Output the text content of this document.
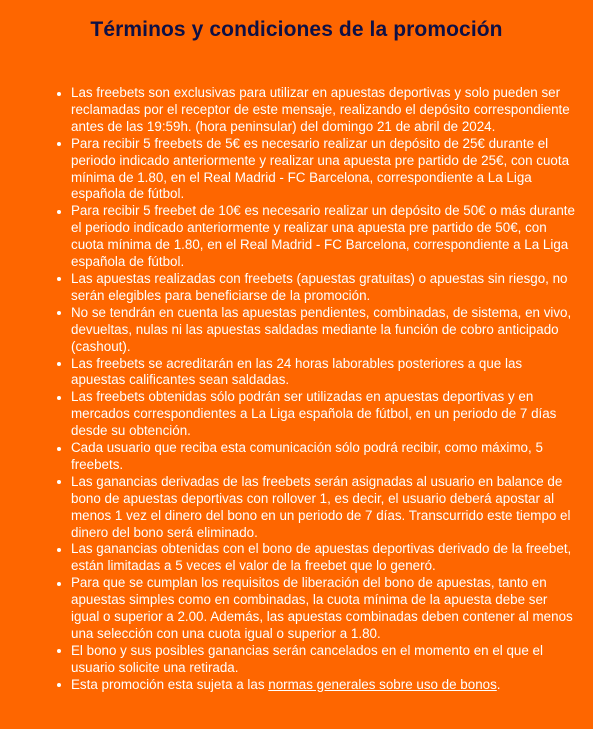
Términos y condiciones de la promoción
Las freebets son exclusivas para utilizar en apuestas deportivas y solo pueden ser reclamadas por el receptor de este mensaje, realizando el depósito correspondiente antes de las 19:59h. (hora peninsular) del domingo 21 de abril de 2024.
Para recibir 5 freebets de 5€ es necesario realizar un depósito de 25€ durante el periodo indicado anteriormente y realizar una apuesta pre partido de 25€, con cuota mínima de 1.80, en el Real Madrid - FC Barcelona, correspondiente a La Liga española de fútbol.
Para recibir 5 freebet de 10€ es necesario realizar un depósito de 50€ o más durante el periodo indicado anteriormente y realizar una apuesta pre partido de 50€, con cuota mínima de 1.80, en el Real Madrid - FC Barcelona, correspondiente a La Liga española de fútbol.
Las apuestas realizadas con freebets (apuestas gratuitas) o apuestas sin riesgo, no serán elegibles para beneficiarse de la promoción.
No se tendrán en cuenta las apuestas pendientes, combinadas, de sistema, en vivo, devueltas, nulas ni las apuestas saldadas mediante la función de cobro anticipado (cashout).
Las freebets se acreditarán en las 24 horas laborables posteriores a que las apuestas calificantes sean saldadas.
Las freebets obtenidas sólo podrán ser utilizadas en apuestas deportivas y en mercados correspondientes a La Liga española de fútbol, en un periodo de 7 días desde su obtención.
Cada usuario que reciba esta comunicación sólo podrá recibir, como máximo, 5 freebets.
Las ganancias derivadas de las freebets serán asignadas al usuario en balance de bono de apuestas deportivas con rollover 1, es decir, el usuario deberá apostar al menos 1 vez el dinero del bono en un periodo de 7 días. Transcurrido este tiempo el dinero del bono será eliminado.
Las ganancias obtenidas con el bono de apuestas deportivas derivado de la freebet, están limitadas a 5 veces el valor de la freebet que lo generó.
Para que se cumplan los requisitos de liberación del bono de apuestas, tanto en apuestas simples como en combinadas, la cuota mínima de la apuesta debe ser igual o superior a 2.00. Además, las apuestas combinadas deben contener al menos una selección con una cuota igual o superior a 1.80.
El bono y sus posibles ganancias serán cancelados en el momento en el que el usuario solicite una retirada.
Esta promoción esta sujeta a las normas generales sobre uso de bonos.
